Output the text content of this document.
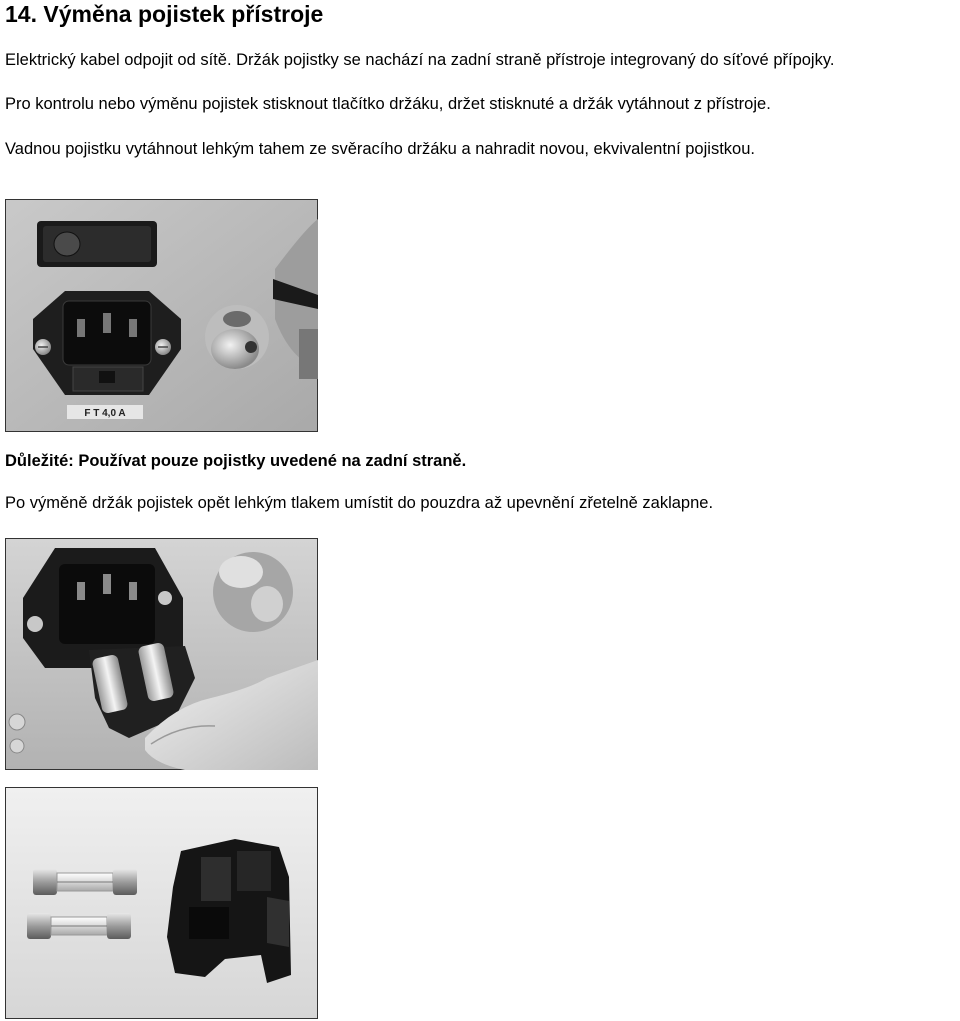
14. Výměna pojistek přístroje

Elektrický kabel odpojit od sítě. Držák pojistky se nachází na zadní straně přístroje integrovaný do síťové přípojky.

Pro kontrolu nebo výměnu pojistek stisknout tlačítko držáku, držet stisknuté a držák vytáhnout z přístroje.

Vadnou pojistku vytáhnout lehkým tahem ze svěracího držáku a nahradit novou, ekvivalentní pojistkou.

F T 4,0 A

Důležité: Používat pouze pojistky uvedené na zadní straně.

Po výměně držák pojistek opět lehkým tlakem umístit do pouzdra až upevnění zřetelně zaklapne.
